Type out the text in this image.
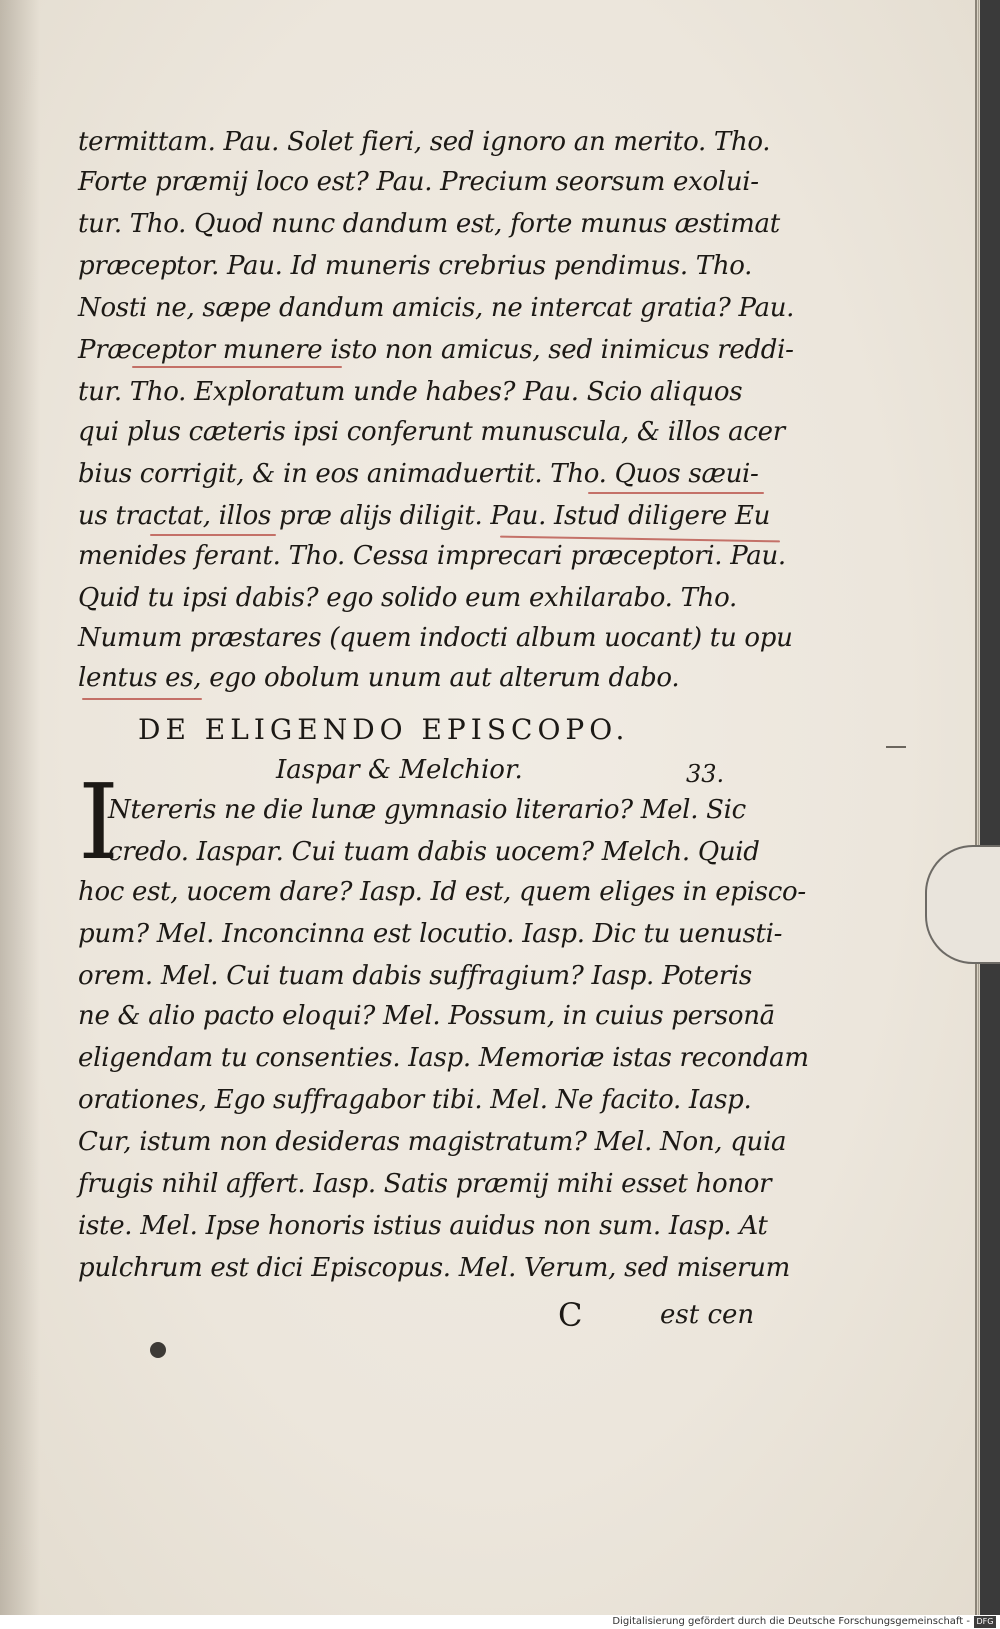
termittam. Pau. Solet fieri, sed ignoro an merito. Tho.
Forte præmij loco est? Pau. Precium seorsum exolui-
tur. Tho. Quod nunc dandum est, forte munus æstimat
præceptor. Pau. Id muneris crebrius pendimus. Tho.
Nosti ne, sæpe dandum amicis, ne intercat gratia? Pau.
Præceptor munere isto non amicus, sed inimicus reddi-
tur. Tho. Exploratum unde habes? Pau. Scio aliquos
qui plus cæteris ipsi conferunt munuscula, & illos acer
bius corrigit, & in eos animaduertit. Tho. Quos sæui-
us tractat, illos præ alijs diligit. Pau. Istud diligere Eu
menides ferant. Tho. Cessa imprecari præceptori. Pau.
Quid tu ipsi dabis? ego solido eum exhilarabo. Tho.
Numum præstares (quem indocti album uocant) tu opu
lentus es, ego obolum unum aut alterum dabo.
DE ELIGENDO EPISCOPO.
Iaspar & Melchior.	33.
I
Ntereris ne die lunæ gymnasio literario? Mel. Sic
credo. Iaspar. Cui tuam dabis uocem? Melch. Quid
hoc est, uocem dare? Iasp. Id est, quem eliges in episco-
pum? Mel. Inconcinna est locutio. Iasp. Dic tu uenusti-
orem. Mel. Cui tuam dabis suffragium? Iasp. Poteris
ne & alio pacto eloqui? Mel. Possum, in cuius personā
eligendam tu consenties. Iasp. Memoriæ istas recondam
orationes, Ego suffragabor tibi. Mel. Ne facito. Iasp.
Cur, istum non desideras magistratum? Mel. Non, quia
frugis nihil affert. Iasp. Satis præmij mihi esset honor
iste. Mel. Ipse honoris istius auidus non sum. Iasp. At
pulchrum est dici Episcopus. Mel. Verum, sed miserum
C	est cen
Digitalisierung gefördert durch die Deutsche Forschungsgemeinschaft - DFG
